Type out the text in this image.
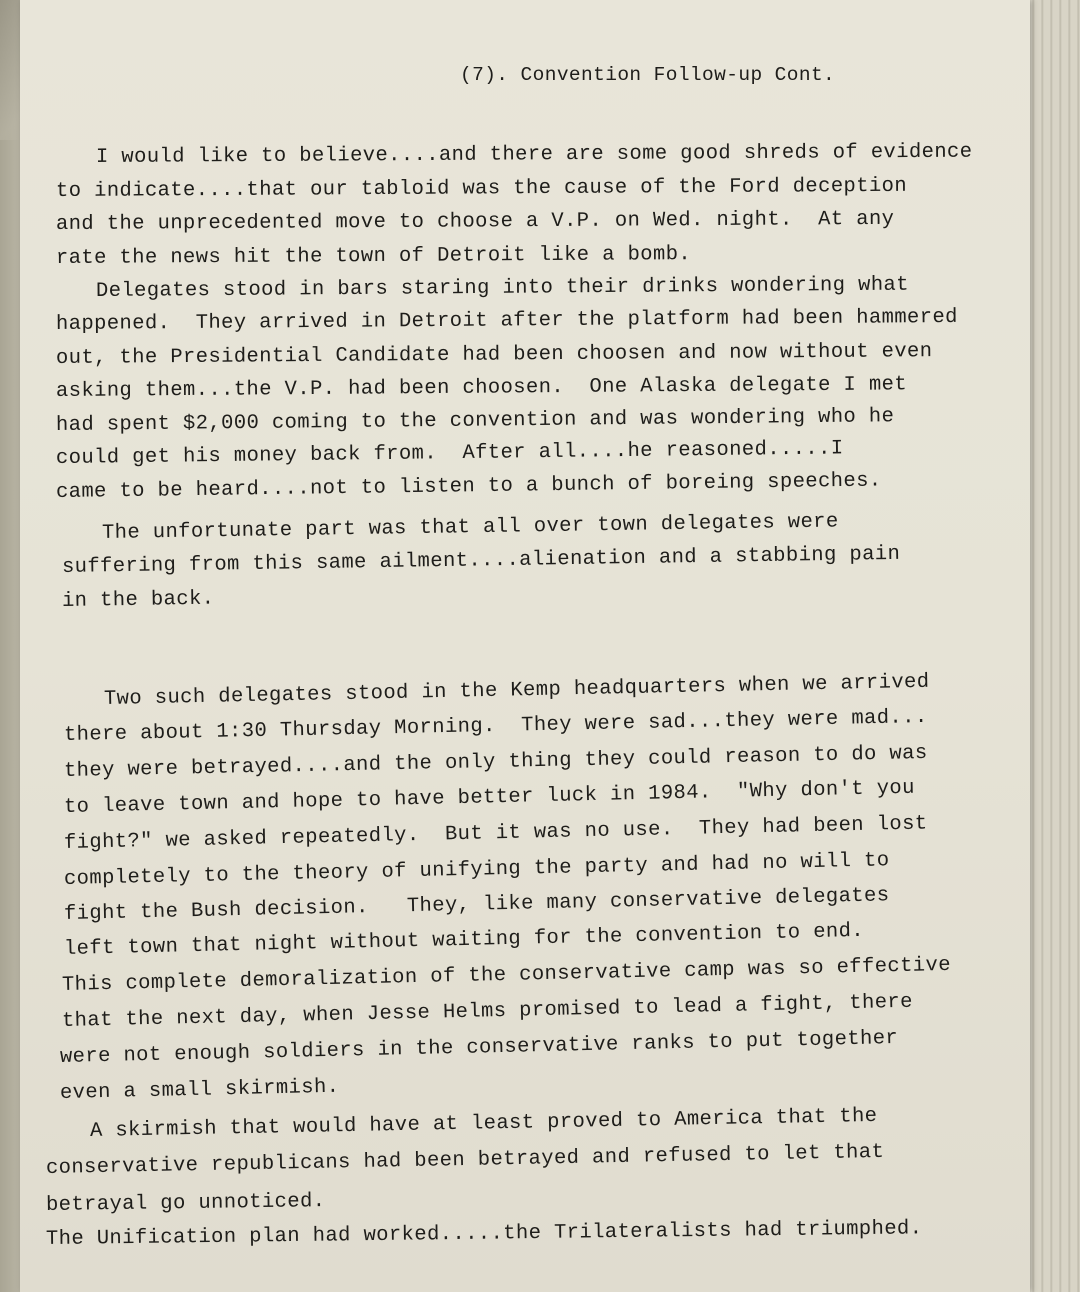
(7). Convention Follow-up Cont.
I would like to believe....and there are some good shreds of evidence
to indicate....that our tabloid was the cause of the Ford deception
and the unprecedented move to choose a V.P. on Wed. night.  At any
rate the news hit the town of Detroit like a bomb.
Delegates stood in bars staring into their drinks wondering what
happened.  They arrived in Detroit after the platform had been hammered
out, the Presidential Candidate had been choosen and now without even
asking them...the V.P. had been choosen.  One Alaska delegate I met
had spent $2,000 coming to the convention and was wondering who he
could get his money back from.  After all....he reasoned.....I
came to be heard....not to listen to a bunch of boreing speeches.
The unfortunate part was that all over town delegates were
suffering from this same ailment....alienation and a stabbing pain
in the back.
Two such delegates stood in the Kemp headquarters when we arrived
there about 1:30 Thursday Morning.  They were sad...they were mad...
they were betrayed....and the only thing they could reason to do was
to leave town and hope to have better luck in 1984.  "Why don't you
fight?" we asked repeatedly.  But it was no use.  They had been lost
completely to the theory of unifying the party and had no will to
fight the Bush decision.   They, like many conservative delegates
left town that night without waiting for the convention to end.
This complete demoralization of the conservative camp was so effective
that the next day, when Jesse Helms promised to lead a fight, there
were not enough soldiers in the conservative ranks to put together
even a small skirmish.
A skirmish that would have at least proved to America that the
conservative republicans had been betrayed and refused to let that
betrayal go unnoticed.
The Unification plan had worked.....the Trilateralists had triumphed.
